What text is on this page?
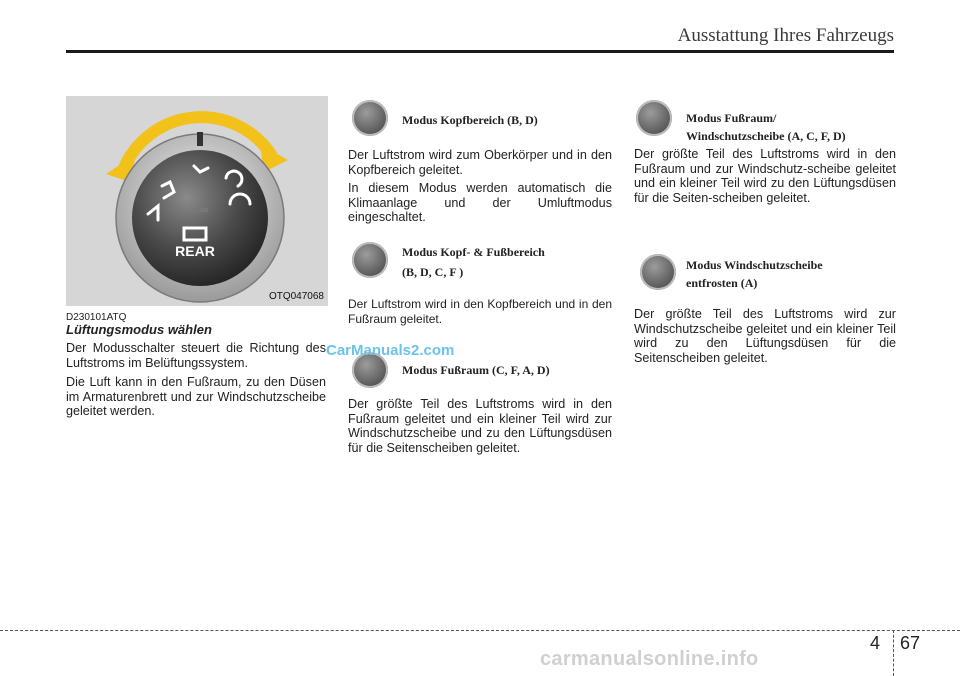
Ausstattung Ihres Fahrzeugs
REAR
OTQ047068
D230101ATQ
Lüftungsmodus wählen
Der Modusschalter steuert die Richtung des Luftstroms im Belüftungssystem.
Die Luft kann in den Fußraum, zu den Düsen im Armaturenbrett und zur Windschutzscheibe geleitet werden.
Modus Kopfbereich (B, D)
Der Luftstrom wird zum Oberkörper und in den Kopfbereich geleitet.
In diesem Modus werden automatisch die Klimaanlage und der Umluftmodus eingeschaltet.
Modus Kopf- & Fußbereich
(B, D, C, F )
Der Luftstrom wird in den Kopfbereich und in den Fußraum geleitet.
Modus Fußraum (C, F, A, D)
Der größte Teil des Luftstroms wird in den Fußraum geleitet und ein kleiner Teil wird zur Windschutzscheibe und zu den Lüftungsdüsen für die Seitenscheiben geleitet.
Modus Fußraum/
Windschutzscheibe (A, C, F, D)
Der größte Teil des Luftstroms wird in den Fußraum und zur Windschutz-scheibe geleitet und ein kleiner Teil wird zu den Lüftungsdüsen für die Seiten-scheiben geleitet.
Modus Windschutzscheibe
entfrosten (A)
Der größte Teil des Luftstroms wird zur Windschutzscheibe geleitet und ein kleiner Teil wird zu den Lüftungsdüsen für die Seitenscheiben geleitet.
CarManuals2.com
4 67
carmanualsonline.info
